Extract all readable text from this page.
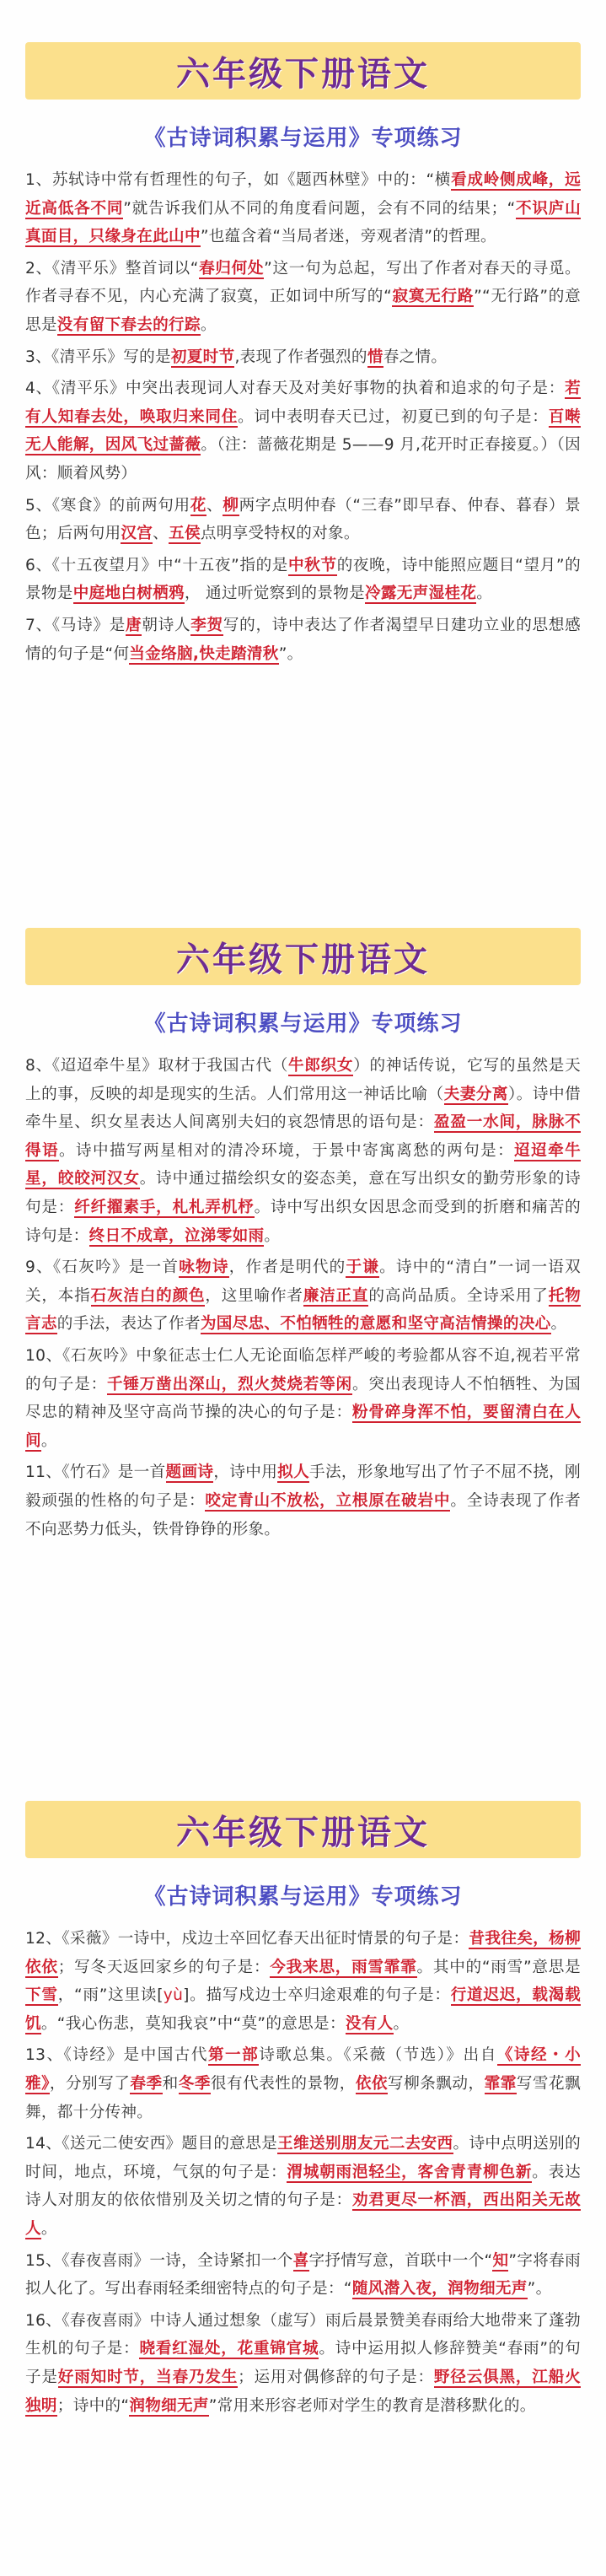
六年级下册语文
《古诗词积累与运用》专项练习

1、苏轼诗中常有哲理性的句子，如《题西林壁》中的：“横看成岭侧成峰，远近高低各不同”就告诉我们从不同的角度看问题，会有不同的结果；“不识庐山真面目，只缘身在此山中”也蕴含着“当局者迷，旁观者清”的哲理。

2、《清平乐》整首词以“春归何处”这一句为总起，写出了作者对春天的寻觅。作者寻春不见，内心充满了寂寞，正如词中所写的“寂寞无行路”“无行路”的意思是没有留下春去的行踪。

3、《清平乐》写的是初夏时节,表现了作者强烈的惜春之情。

4、《清平乐》中突出表现词人对春天及对美好事物的执着和追求的句子是：若有人知春去处，唤取归来同住。词中表明春天已过，初夏已到的句子是：百啭无人能解，因风飞过蔷薇。（注：蔷薇花期是 5——9 月,花开时正春接夏。）（因风：顺着风势）

5、《寒食》的前两句用花、柳两字点明仲春（“三春”即早春、仲春、暮春）景色；后两句用汉宫、五侯点明享受特权的对象。

6、《十五夜望月》中“十五夜”指的是中秋节的夜晚，诗中能照应题目“望月”的景物是中庭地白树栖鸦， 通过听觉察到的景物是冷露无声湿桂花。

7、《马诗》是唐朝诗人李贺写的，诗中表达了作者渴望早日建功立业的思想感情的句子是“何当金络脑,快走踏清秋”。

六年级下册语文
《古诗词积累与运用》专项练习

8、《迢迢牵牛星》取材于我国古代（牛郎织女）的神话传说，它写的虽然是天上的事，反映的却是现实的生活。人们常用这一神话比喻（夫妻分离）。诗中借牵牛星、织女星表达人间离别夫妇的哀怨情思的语句是：盈盈一水间，脉脉不得语。诗中描写两星相对的清冷环境，于景中寄寓离愁的两句是：迢迢牵牛星，皎皎河汉女。诗中通过描绘织女的姿态美，意在写出织女的勤劳形象的诗句是：纤纤擢素手，札札弄机杼。诗中写出织女因思念而受到的折磨和痛苦的诗句是：终日不成章，泣涕零如雨。

9、《石灰吟》是一首咏物诗，作者是明代的于谦。诗中的“清白”一词一语双关，本指石灰洁白的颜色，这里喻作者廉洁正直的高尚品质。全诗采用了托物言志的手法，表达了作者为国尽忠、不怕牺牲的意愿和坚守高洁情操的决心。

10、《石灰吟》中象征志士仁人无论面临怎样严峻的考验都从容不迫,视若平常的句子是：千锤万凿出深山，烈火焚烧若等闲。突出表现诗人不怕牺牲、为国尽忠的精神及坚守高尚节操的决心的句子是：粉骨碎身浑不怕，要留清白在人间。

11、《竹石》是一首题画诗，诗中用拟人手法，形象地写出了竹子不屈不挠，刚毅顽强的性格的句子是：咬定青山不放松，立根原在破岩中。全诗表现了作者不向恶势力低头，铁骨铮铮的形象。

六年级下册语文
《古诗词积累与运用》专项练习

12、《采薇》一诗中，戍边士卒回忆春天出征时情景的句子是：昔我往矣，杨柳依依；写冬天返回家乡的句子是：今我来思，雨雪霏霏。其中的“雨雪”意思是下雪，“雨”这里读[yù]。描写戍边士卒归途艰难的句子是：行道迟迟，载渴载饥。“我心伤悲，莫知我哀”中“莫”的意思是：没有人。

13、《诗经》是中国古代第一部诗歌总集。《采薇（节选）》出自《诗经・小雅》，分别写了春季和冬季很有代表性的景物，依依写柳条飘动，霏霏写雪花飘舞，都十分传神。

14、《送元二使安西》题目的意思是王维送别朋友元二去安西。诗中点明送别的时间，地点，环境，气氛的句子是：渭城朝雨浥轻尘，客舍青青柳色新。表达诗人对朋友的依依惜别及关切之情的句子是：劝君更尽一杯酒，西出阳关无故人。

15、《春夜喜雨》一诗，全诗紧扣一个喜字抒情写意，首联中一个“知”字将春雨拟人化了。写出春雨轻柔细密特点的句子是：“随风潜入夜，润物细无声”。

16、《春夜喜雨》中诗人通过想象（虚写）雨后晨景赞美春雨给大地带来了蓬勃生机的句子是：晓看红湿处，花重锦官城。诗中运用拟人修辞赞美“春雨”的句子是好雨知时节，当春乃发生；运用对偶修辞的句子是：野径云俱黑，江船火独明；诗中的“润物细无声”常用来形容老师对学生的教育是潜移默化的。
